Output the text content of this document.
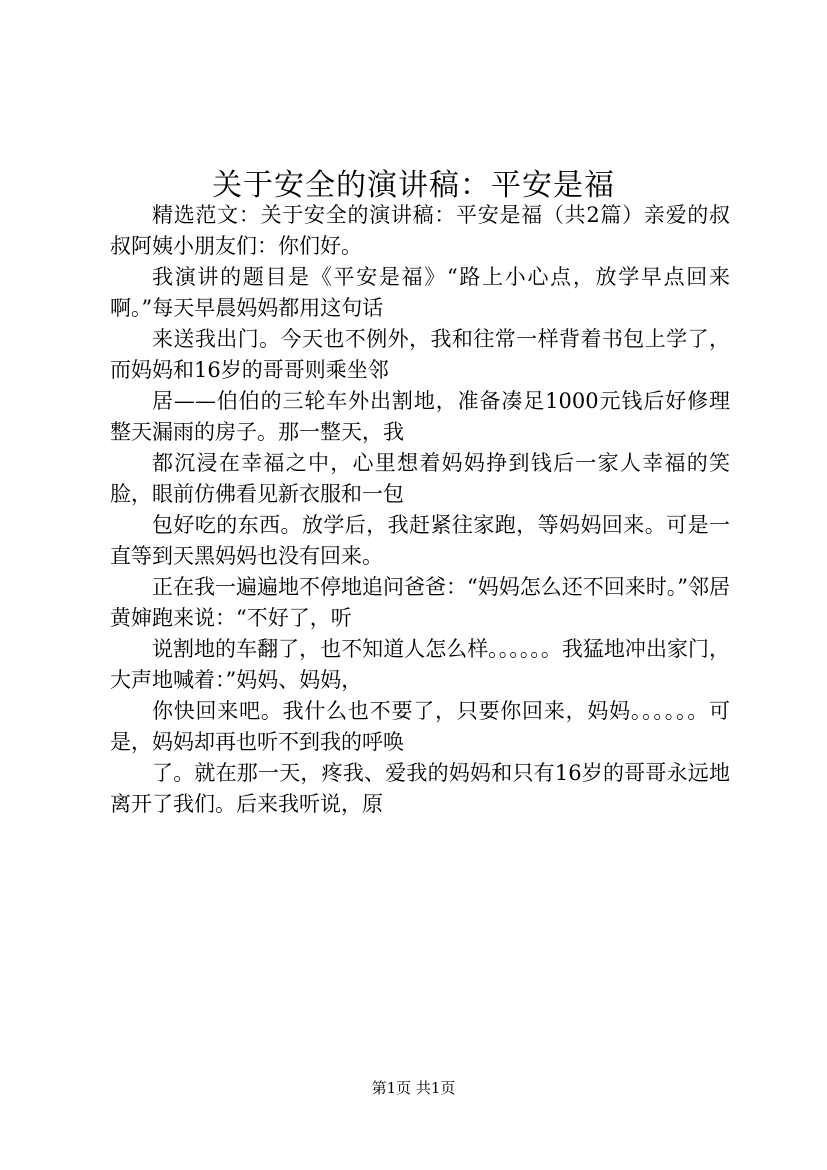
关于安全的演讲稿：平安是福

精选范文：关于安全的演讲稿：平安是福（共2篇）亲爱的叔叔阿姨小朋友们：你们好。

我演讲的题目是《平安是福》“路上小心点，放学早点回来啊。”每天早晨妈妈都用这句话

来送我出门。今天也不例外，我和往常一样背着书包上学了，而妈妈和16岁的哥哥则乘坐邻

居——伯伯的三轮车外出割地，准备凑足1000元钱后好修理整天漏雨的房子。那一整天，我

都沉浸在幸福之中，心里想着妈妈挣到钱后一家人幸福的笑脸，眼前仿佛看见新衣服和一包

包好吃的东西。放学后，我赶紧往家跑，等妈妈回来。可是一直等到天黑妈妈也没有回来。

正在我一遍遍地不停地追问爸爸：“妈妈怎么还不回来时。”邻居黄婶跑来说：“不好了，听

说割地的车翻了，也不知道人怎么样。。。。。。我猛地冲出家门，大声地喊着：”妈妈、妈妈，

你快回来吧。我什么也不要了，只要你回来，妈妈。。。。。。可是，妈妈却再也听不到我的呼唤

了。就在那一天，疼我、爱我的妈妈和只有16岁的哥哥永远地离开了我们。后来我听说，原

第1页 共1页
